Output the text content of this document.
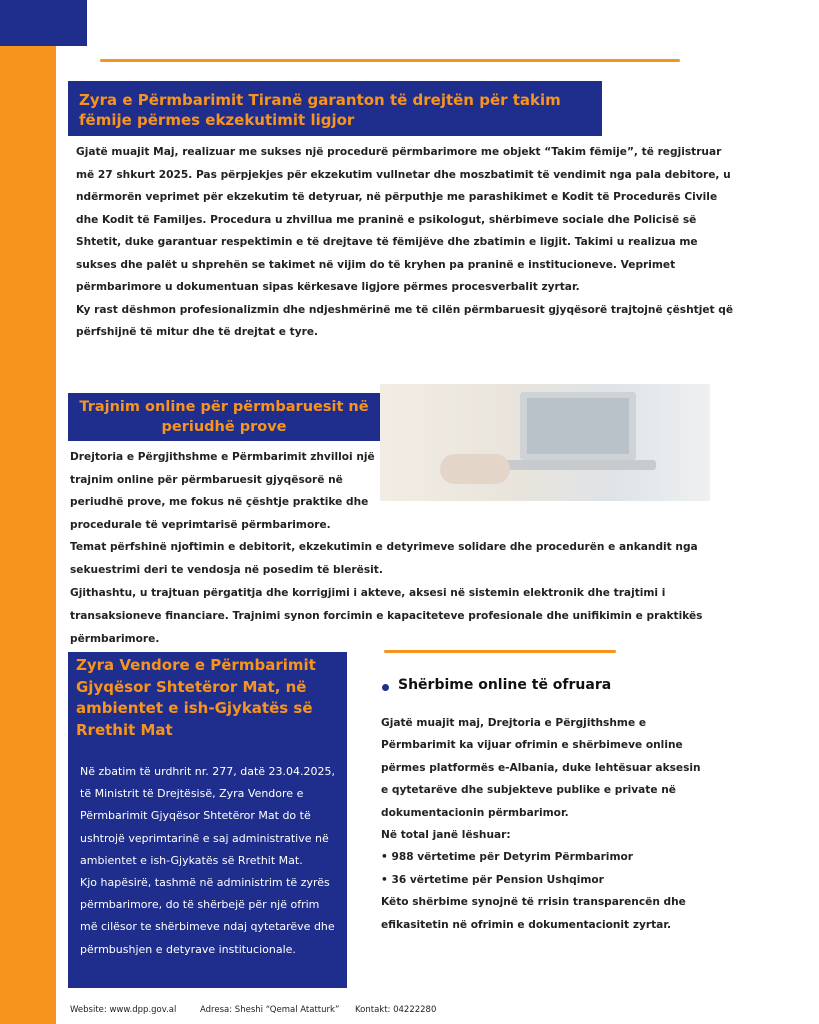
Zyra e Përmbarimit Tiranë garanton të drejtën për takim fëmije përmes ekzekutimit ligjor

Gjatë muajit Maj, realizuar me sukses një procedurë përmbarimore me objekt “Takim fëmije”, të regjistruar më 27 shkurt 2025. Pas përpjekjes për ekzekutim vullnetar dhe moszbatimit të vendimit nga pala debitore, u ndërmorën veprimet për ekzekutim të detyruar, në përputhje me parashikimet e Kodit të Procedurës Civile dhe Kodit të Familjes. Procedura u zhvillua me praninë e psikologut, shërbimeve sociale dhe Policisë së Shtetit, duke garantuar respektimin e të drejtave të fëmijëve dhe zbatimin e ligjit. Takimi u realizua me sukses dhe palët u shprehën se takimet në vijim do të kryhen pa praninë e institucioneve. Veprimet përmbarimore u dokumentuan sipas kërkesave ligjore përmes procesverbalit zyrtar.

Ky rast dëshmon profesionalizmin dhe ndjeshmërinë me të cilën përmbaruesit gjyqësorë trajtojnë çështjet që përfshijnë të mitur dhe të drejtat e tyre.

Trajnim online për përmbaruesit në periudhë prove
Drejtoria e Përgjithshme e Përmbarimit zhvilloi një trajnim online për përmbaruesit gjyqësorë në periudhë prove, me fokus në çështje praktike dhe procedurale të veprimtarisë përmbarimore.

Temat përfshinë njoftimin e debitorit, ekzekutimin e detyrimeve solidare dhe procedurën e ankandit nga sekuestrimi deri te vendosja në posedim të blerësit.

Gjithashtu, u trajtuan përgatitja dhe korrigjimi i akteve, aksesi në sistemin elektronik dhe trajtimi i transaksioneve financiare. Trajnimi synon forcimin e kapaciteteve profesionale dhe unifikimin e praktikës përmbarimore.

Zyra Vendore e Përmbarimit Gjyqësor Shtetëror Mat, në ambientet e ish-Gjykatës së Rrethit Mat

Në zbatim të urdhrit nr. 277, datë 23.04.2025, të Ministrit të Drejtësisë, Zyra Vendore e Përmbarimit Gjyqësor Shtetëror Mat do të ushtrojë veprimtarinë e saj administrative në ambientet e ish-Gjykatës së Rrethit Mat.

Kjo hapësirë, tashmë në administrim të zyrës përmbarimore, do të shërbejë për një ofrim më cilësor te shërbimeve ndaj qytetarëve dhe përmbushjen e detyrave institucionale.

Shërbime online të ofruara

Gjatë muajit maj, Drejtoria e Përgjithshme e Përmbarimit ka vijuar ofrimin e shërbimeve online përmes platformës e-Albania, duke lehtësuar aksesin e qytetarëve dhe subjekteve publike e private në dokumentacionin përmbarimor.

Në total janë lëshuar:

• 988 vërtetime për Detyrim Përmbarimor

• 36 vërtetime për Pension Ushqimor

Këto shërbime synojnë të rrisin transparencën dhe efikasitetin në ofrimin e dokumentacionit zyrtar.

Website: www.dpp.gov.al	Adresa: Sheshi “Qemal Atatturk” Kontakt: 04222280
